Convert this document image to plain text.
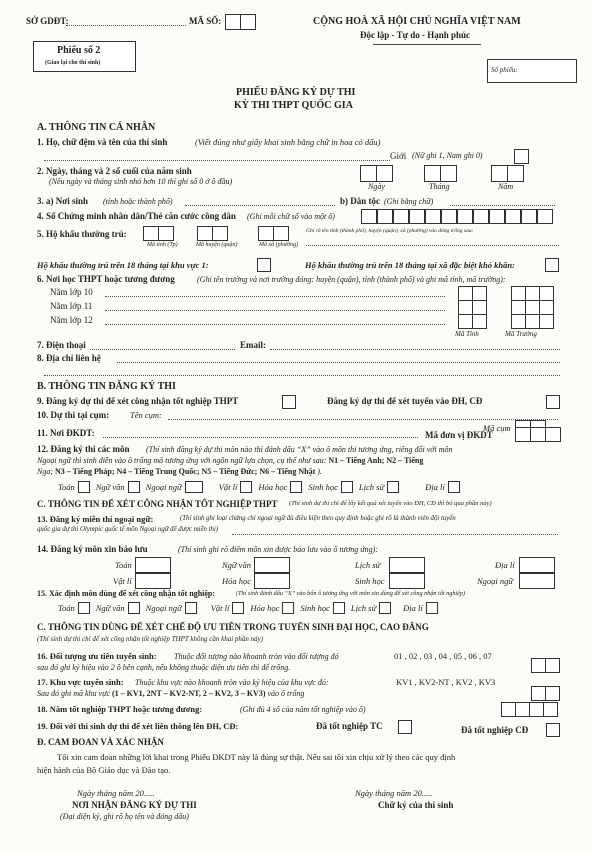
SỞ GDĐT:	MÃ SỐ:	CỘNG HOÀ XÃ HỘI CHỦ NGHĨA VIỆT NAM
Độc lập - Tự do - Hạnh phúc
Phiếu số 2
(Giao lại cho thí sinh)
Số phiếu:
PHIẾU ĐĂNG KÝ DỰ THI
KỲ THI THPT QUỐC GIA
A. THÔNG TIN CÁ NHÂN
1. Họ, chữ đệm và tên của thí sinh	(Viết đúng như giấy khai sinh bằng chữ in hoa có dấu)
Giới (Nữ ghi 1, Nam ghi 0)
2. Ngày, tháng và 2 số cuối của năm sinh
(Nếu ngày và tháng sinh nhỏ hơn 10 thì ghi số 0 ở ô đầu)
Ngày	Tháng	Năm
3. a) Nơi sinh (tỉnh hoặc thành phố)	b) Dân tộc (Ghi bằng chữ)
4. Số Chứng minh nhân dân/Thẻ căn cước công dân (Ghi mỗi chữ số vào một ô)
5. Hộ khẩu thường trú:
Mã tỉnh (Tp)	Mã huyện (quận)	Mã xã (phường)
Ghi rõ tên tỉnh (thành phố), huyện (quận), xã (phường) vào dòng trống sau:
Hộ khẩu thường trú trên 18 tháng tại khu vực 1:	Hộ khẩu thường trú trên 18 tháng tại xã đặc biệt khó khăn:
6. Nơi học THPT hoặc tương đương	(Ghi tên trường và nơi trường đóng: huyện (quận), tỉnh (thành phố) và ghi mã tỉnh, mã trường):
Năm lớp 10
Năm lớp 11
Năm lớp 12
Mã Tỉnh	Mã Trường
7. Điện thoại	Email:
8. Địa chỉ liên hệ
B. THÔNG TIN ĐĂNG KÝ THI
9. Đăng ký dự thi để xét công nhận tốt nghiệp THPT	Đăng ký dự thi để xét tuyển vào ĐH, CĐ
10. Dự thi tại cụm: Tên cụm:
Mã cụm
11. Nơi ĐKDT:	Mã đơn vị ĐKDT
12. Đăng ký thi các môn (Thí sinh đăng ký dự thi môn nào thì đánh dấu “X” vào ô môn thi tương ứng, riêng đối với môn
Ngoại ngữ thì sinh điền vào ô trống mã tương ứng với ngôn ngữ lựa chọn, cụ thể như sau: N1 – Tiếng Anh; N2 – Tiếng
Nga; N3 – Tiếng Pháp; N4 – Tiếng Trung Quốc; N5 – Tiếng Đức; N6 – Tiếng Nhật ).
Toán Ngữ văn Ngoại ngữ	Vật lí Hóa học Sinh học Lịch sử	Địa lí
C. THÔNG TIN ĐỂ XÉT CÔNG NHẬN TỐT NGHIỆP THPT (Thí sinh dự thi chỉ để lấy kết quả xét tuyển vào ĐH, CĐ thì bỏ qua phần này)
13. Đăng ký miễn thi ngoại ngữ:	(Thí sinh ghi loại chứng chỉ ngoại ngữ đủ điều kiện theo quy định hoặc ghi rõ là thành viên đội tuyển
quốc gia dự thi Olympic quốc tế môn Ngoại ngữ để được miễn thi)
14. Đăng ký môn xin bảo lưu	(Thí sinh ghi rõ điểm môn xin được bảo lưu vào ô tương ứng):
Toán	Ngữ văn	Lịch sử	Địa lí
Vật lí	Hóa học	Sinh học	Ngoại ngữ
15. Xác định môn dùng để xét công nhận tốt nghiệp:	(Thí sinh đánh dấu “X” vào bốn ô tương ứng với môn xin dùng để xét công nhận tốt nghiệp)
Toán Ngữ văn Ngoại ngữ	Vật lí Hóa học Sinh học Lịch sử	Địa lí
C. THÔNG TIN DÙNG ĐỂ XÉT CHẾ ĐỘ ƯU TIÊN TRONG TUYỂN SINH ĐẠI HỌC, CAO ĐẲNG
(Thí sinh dự thi chỉ để xét công nhận tốt nghiệp THPT không cần khai phần này)
16. Đối tượng ưu tiên tuyển sinh: Thuộc đối tượng nào khoanh tròn vào đối tượng đó	01 , 02 , 03 , 04 , 05 , 06 , 07
sau đó ghi ký hiệu vào 2 ô bên cạnh, nếu không thuộc diện ưu tiên thì để trống.
17. Khu vực tuyển sinh: Thuộc khu vực nào khoanh tròn vào ký hiệu của khu vực đó:	KV1 , KV2-NT , KV2 , KV3
Sau đó ghi mã khu vực (1 – KV1, 2NT – KV2-NT, 2 – KV2, 3 – KV3) vào ô trống
18. Năm tốt nghiệp THPT hoặc tương đương:	(Ghi đủ 4 số của năm tốt nghiệp vào ô)
19. Đối với thí sinh dự thi để xét liên thông lên ĐH, CĐ:	Đã tốt nghiệp TC	Đã tốt nghiệp CĐ
Đ. CAM ĐOAN VÀ XÁC NHẬN
Tôi xin cam đoan những lời khai trong Phiếu ĐKDT này là đúng sự thật. Nếu sai tôi xin chịu xử lý theo các quy định
hiện hành của Bộ Giáo dục và Đào tạo.
Ngày tháng năm 20.....	Ngày tháng năm 20.....
NƠI NHẬN ĐĂNG KÝ DỰ THI
(Đại diện ký, ghi rõ họ tên và đóng dấu)
Chữ ký của thí sinh
